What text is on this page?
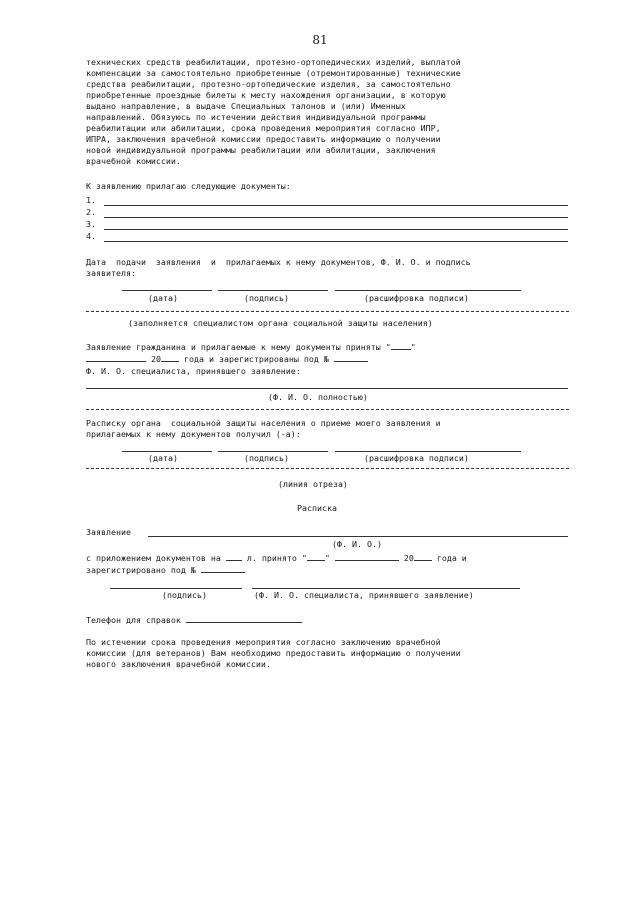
81
технических средств реабилитации, протезно-ортопедических изделий, выплатой
компенсации за самостоятельно приобретенные (отремонтированные) технические
средства реабилитации, протезно-ортопедические изделия, за самостоятельно
приобретенные проездные билеты к месту нахождения организации, в которую
выдано направление, в выдаче Специальных талонов и (или) Именных
направлений. Обязуюсь по истечении действия индивидуальной программы
реабилитации или абилитации, срока проведения мероприятия согласно ИПР,
ИПРА, заключения врачебной комиссии предоставить информацию о получении
новой индивидуальной программы реабилитации или абилитации, заключения
врачебной комиссии.
К заявлению прилагаю следующие документы:
1.
2.
3.
4.
Дата  подачи  заявления  и  прилагаемых к нему документов, Ф. И. О. и подпись
заявителя:
(дата)	(подпись)	(расшифровка подписи)
(заполняется специалистом органа социальной защиты населения)
Заявление гражданина и прилагаемые к нему документы приняты " "
20	года и зарегистрированы под №
Ф. И. О. специалиста, принявшего заявление:
(Ф. И. О. полностью)
Расписку органа  социальной защиты населения о приеме моего заявления и
прилагаемых к нему документов получил (-а):
(дата)	(подпись)	(расшифровка подписи)
(линия отреза)
Расписка
Заявление
(Ф. И. О.)
с приложением документов на	л. принято " "	20	года и
зарегистрировано под №
(подпись)	(Ф. И. О. специалиста, принявшего заявление)
Телефон для справок
По истечении срока проведения мероприятия согласно заключению врачебной
комиссии (для ветеранов) Вам необходимо предоставить информацию о получении
нового заключения врачебной комиссии.
